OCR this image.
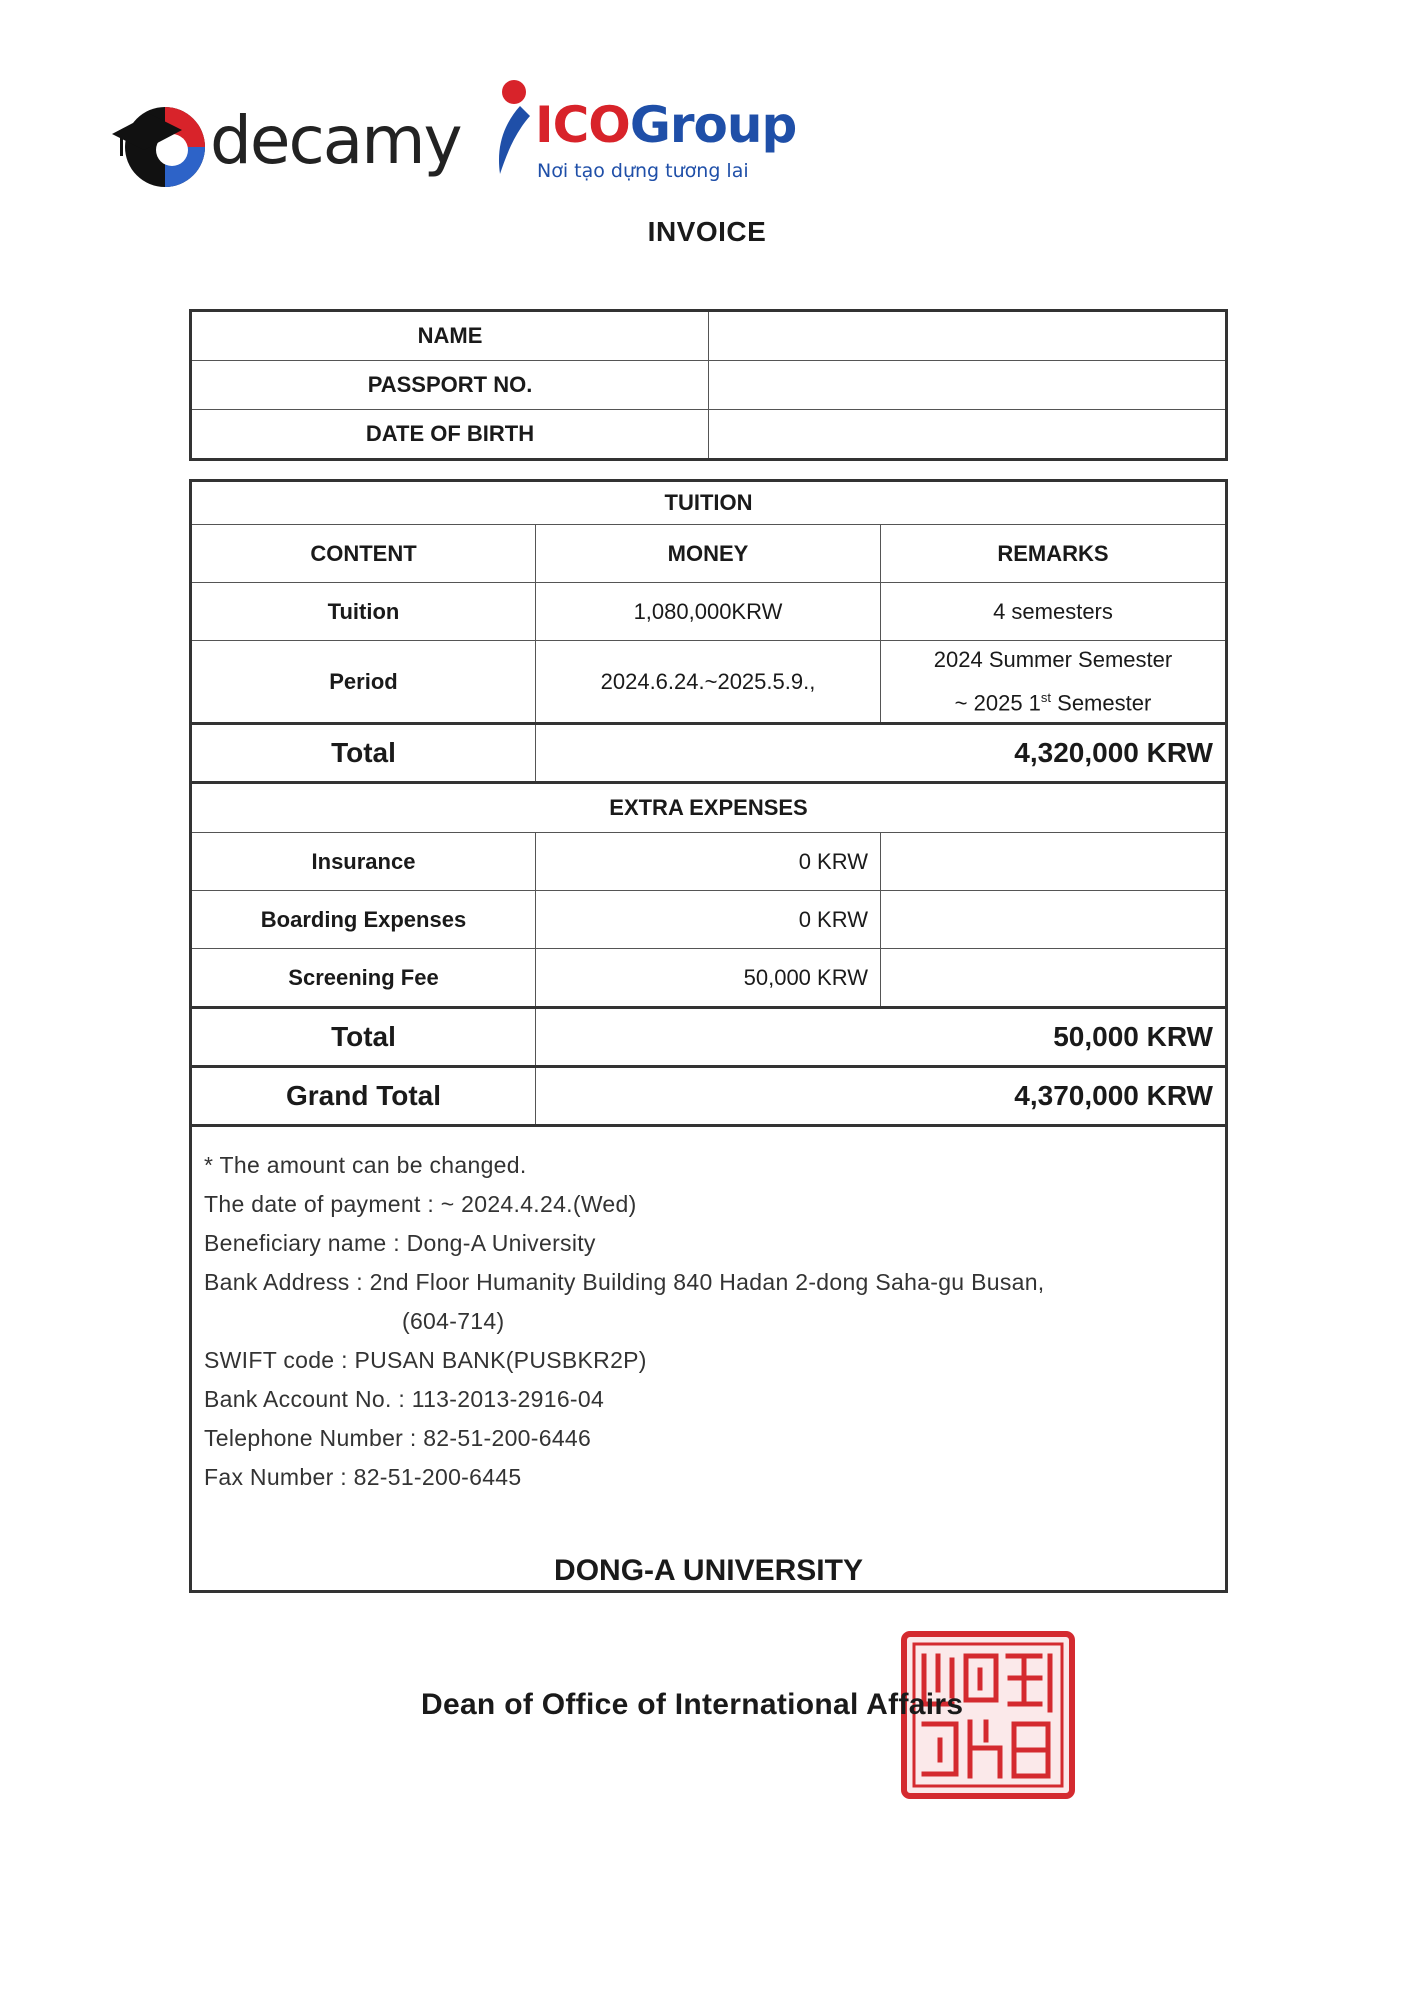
decamy ICOGroup
Nơi tạo dựng tương lai
INVOICE
NAME	
PASSPORT NO.	
DATE OF BIRTH	
TUITION		
CONTENT	MONEY	REMARKS
Tuition	1,080,000KRW	4 semesters
Period	2024.6.24.~2025.5.9.,	2024 Summer Semester
~ 2025 1st Semester

Total	4,320,000 KRW	
EXTRA EXPENSES		
Insurance	0 KRW	
Boarding Expenses	0 KRW	
Screening Fee	50,000 KRW	
Total	50,000 KRW	
Grand Total	4,370,000 KRW	
* The amount can be changed.
The date of payment : ~ 2024.4.24.(Wed)
Beneficiary name : Dong-A University
Bank Address : 2nd Floor Humanity Building 840 Hadan 2-dong Saha-gu Busan,
(604-714)
SWIFT code : PUSAN BANK(PUSBKR2P)
Bank Account No. : 113-2013-2916-04
Telephone Number : 82-51-200-6446
Fax Number : 82-51-200-6445
DONG-A UNIVERSITY
Dean of Office of International Affairs
